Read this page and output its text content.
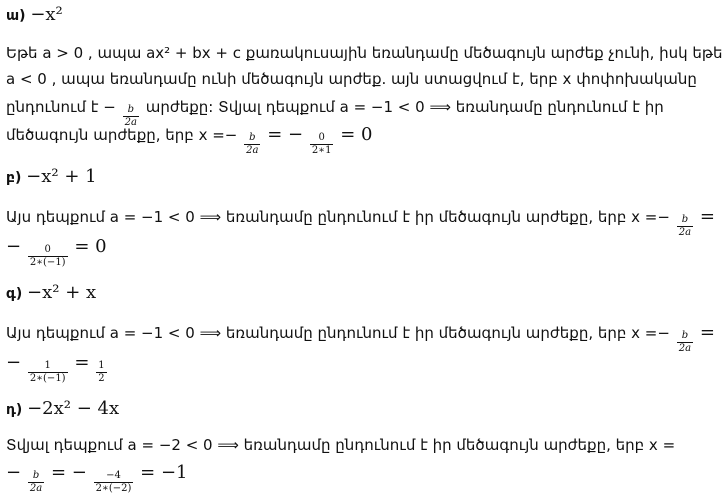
ա) −x²
Եթե a > 0 , ապա ax² + bx + c քառակուսային եռանդամը մեծագույն արժեք չունի, իսկ եթե
a < 0 , ապա եռանդամը ունի մեծագույն արժեք. այն ստացվում է, երբ x փոփոխականը
ընդունում է − $\frac{b}{2a}$ արժեքը: Տվյալ դեպքում a = −1 < 0 ⟹ եռանդամը ընդունում է իր
մեծագույն արժեքը, երբ $x =- \frac{b}{2a}$ = − $\frac{0}{2∗1} = 0$
բ) −x² + 1
Այս դեպքում a = −1 < 0 ⟹ եռանդամը ընդունում է իր մեծագույն արժեքը, երբ $x =- \frac{b}{2a}$ =
− $\frac{0}{2∗(-1)} = 0$
գ) −x² + x
Այս դեպքում a = −1 < 0 ⟹ եռանդամը ընդունում է իր մեծագույն արժեքը, երբ $x =- \frac{b}{2a}$ =
− $\frac{1}{2∗(-1)} = \frac{1}{2}$
դ) −2x² − 4x
Տվյալ դեպքում a = −2 < 0 ⟹ եռանդամը ընդունում է իր մեծագույն արժեքը, երբ x =
− $\frac{b}{2a}$ = − $\frac{-4}{2∗(-2)} = -1$
